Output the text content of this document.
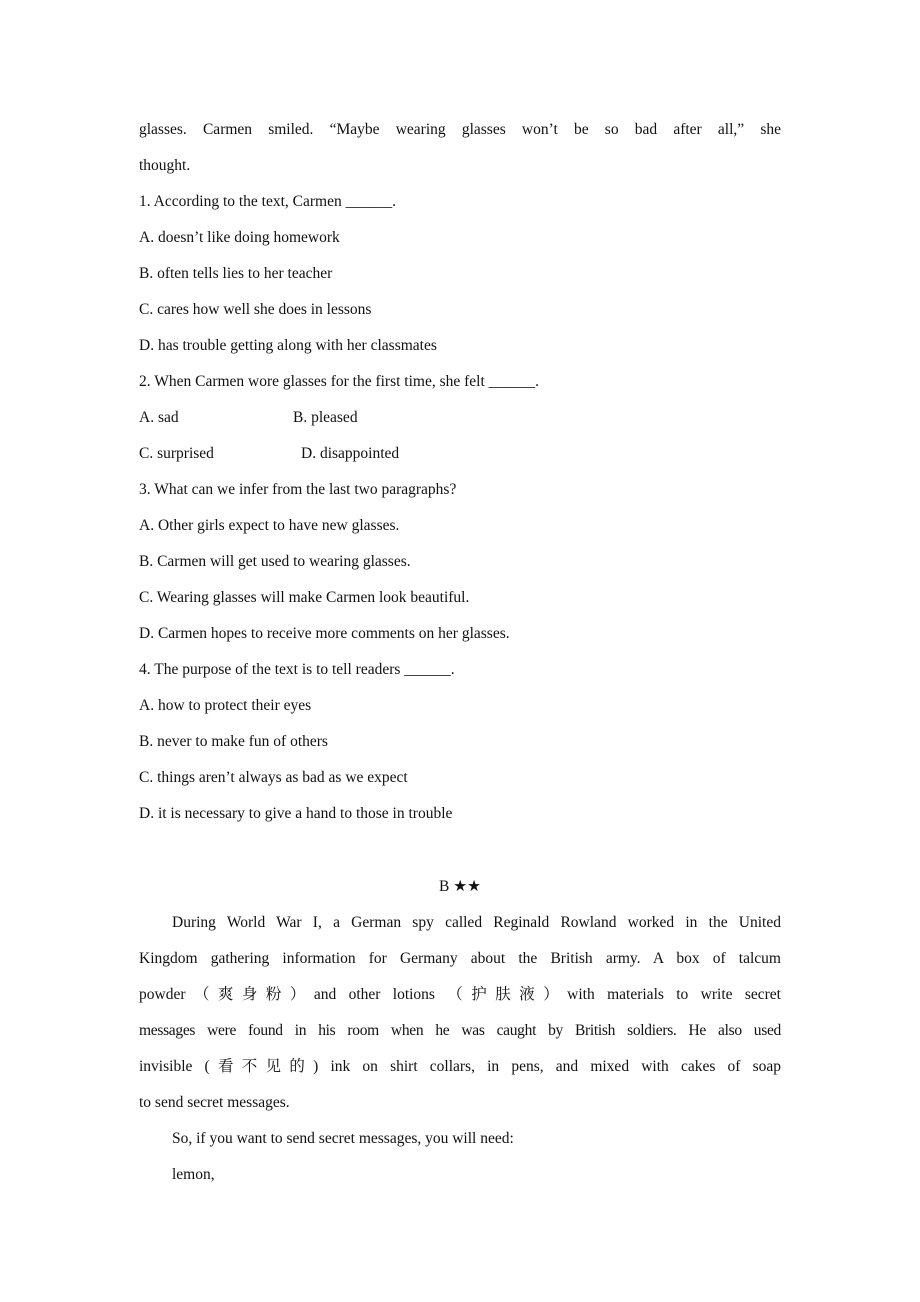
glasses. Carmen smiled. “Maybe wearing glasses won’t be so bad after all,” she
thought.
1. According to the text, Carmen ______.
A. doesn’t like doing homework
B. often tells lies to her teacher
C. cares how well she does in lessons
D. has trouble getting along with her classmates
2. When Carmen wore glasses for the first time, she felt ______.
A. sad	B. pleased
C. surprised	D. disappointed
3. What can we infer from the last two paragraphs?
A. Other girls expect to have new glasses.
B. Carmen will get used to wearing glasses.
C. Wearing glasses will make Carmen look beautiful.
D. Carmen hopes to receive more comments on her glasses.
4. The purpose of the text is to tell readers ______.
A. how to protect their eyes
B. never to make fun of others
C. things aren’t always as bad as we expect
D. it is necessary to give a hand to those in trouble
B ★★
During World War I, a German spy called Reginald Rowland worked in the United
Kingdom gathering information for Germany about the British army. A box of talcum
powder（爽身粉）and other lotions （护肤液）with materials to write secret
messages were found in his room when he was caught by British soldiers. He also used
invisible (看不见的) ink on shirt collars, in pens, and mixed with cakes of soap
to send secret messages.
So, if you want to send secret messages, you will need:
lemon,
